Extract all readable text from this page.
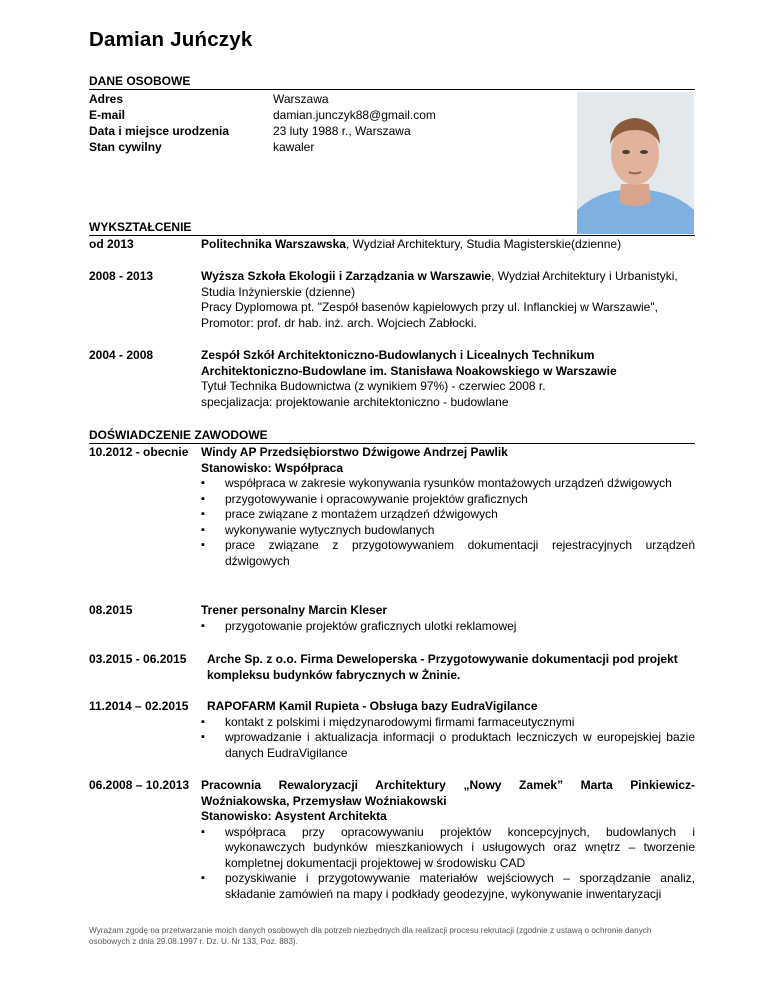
Damian Juńczyk
DANE OSOBOWE
Adres	Warszawa
E-mail	damian.junczyk88@gmail.com
Data i miejsce urodzenia	23 luty 1988 r., Warszawa
Stan cywilny	kawaler
WYKSZTAŁCENIE
od 2013	Politechnika Warszawska, Wydział Architektury, Studia Magisterskie(dzienne)
2008 - 2013	Wyższa Szkoła Ekologii i Zarządzania w Warszawie, Wydział Architektury i Urbanistyki, Studia Inżynierskie (dzienne)
Pracy Dyplomowa pt. "Zespół basenów kąpielowych przy ul. Inflanckiej w Warszawie", Promotor: prof. dr hab. inż. arch. Wojciech Zabłocki.
2004 - 2008	Zespół Szkół Architektoniczno-Budowlanych i Licealnych Technikum Architektoniczno-Budowlane im. Stanisława Noakowskiego w Warszawie
Tytuł Technika Budownictwa (z wynikiem 97%) - czerwiec 2008 r.
specjalizacja: projektowanie architektoniczno - budowlane
DOŚWIADCZENIE ZAWODOWE
10.2012 - obecnie	Windy AP Przedsiębiorstwo Dźwigowe Andrzej Pawlik
Stanowisko: Współpraca
▪ współpraca w zakresie wykonywania rysunków montażowych urządzeń dźwigowych
▪ przygotowywanie i opracowywanie projektów graficznych
▪ prace związane z montażem urządzeń dźwigowych
▪ wykonywanie wytycznych budowlanych
▪ prace związane z przygotowywaniem dokumentacji rejestracyjnych urządzeń dźwigowych
08.2015	Trener personalny Marcin Kleser
▪ przygotowanie projektów graficznych ulotki reklamowej
03.2015 - 06.2015	Arche Sp. z o.o. Firma Deweloperska - Przygotowywanie dokumentacji pod projekt kompleksu budynków fabrycznych w Żninie.
11.2014 – 02.2015	RAPOFARM Kamil Rupieta - Obsługa bazy EudraVigilance
▪ kontakt z polskimi i międzynarodowymi firmami farmaceutycznymi
▪ wprowadzanie i aktualizacja informacji o produktach leczniczych w europejskiej bazie danych EudraVigilance
06.2008 – 10.2013 Pracownia Rewaloryzacji Architektury „Nowy Zamek” Marta Pinkiewicz-Woźniakowska, Przemysław Woźniakowski
Stanowisko: Asystent Architekta
▪ współpraca przy opracowywaniu projektów koncepcyjnych, budowlanych i wykonawczych budynków mieszkaniowych i usługowych oraz wnętrz – tworzenie kompletnej dokumentacji projektowej w środowisku CAD
▪ pozyskiwanie i przygotowywanie materiałów wejściowych – sporządzanie analiz, składanie zamówień na mapy i podkłady geodezyjne, wykonywanie inwentaryzacji
Wyrażam zgodę na przetwarzanie moich danych osobowych dla potrzeb niezbędnych dla realizacji procesu rekrutacji (zgodnie z ustawą o ochronie danych osobowych z dnia 29.08.1997 r. Dz. U. Nr 133, Poz. 883).
